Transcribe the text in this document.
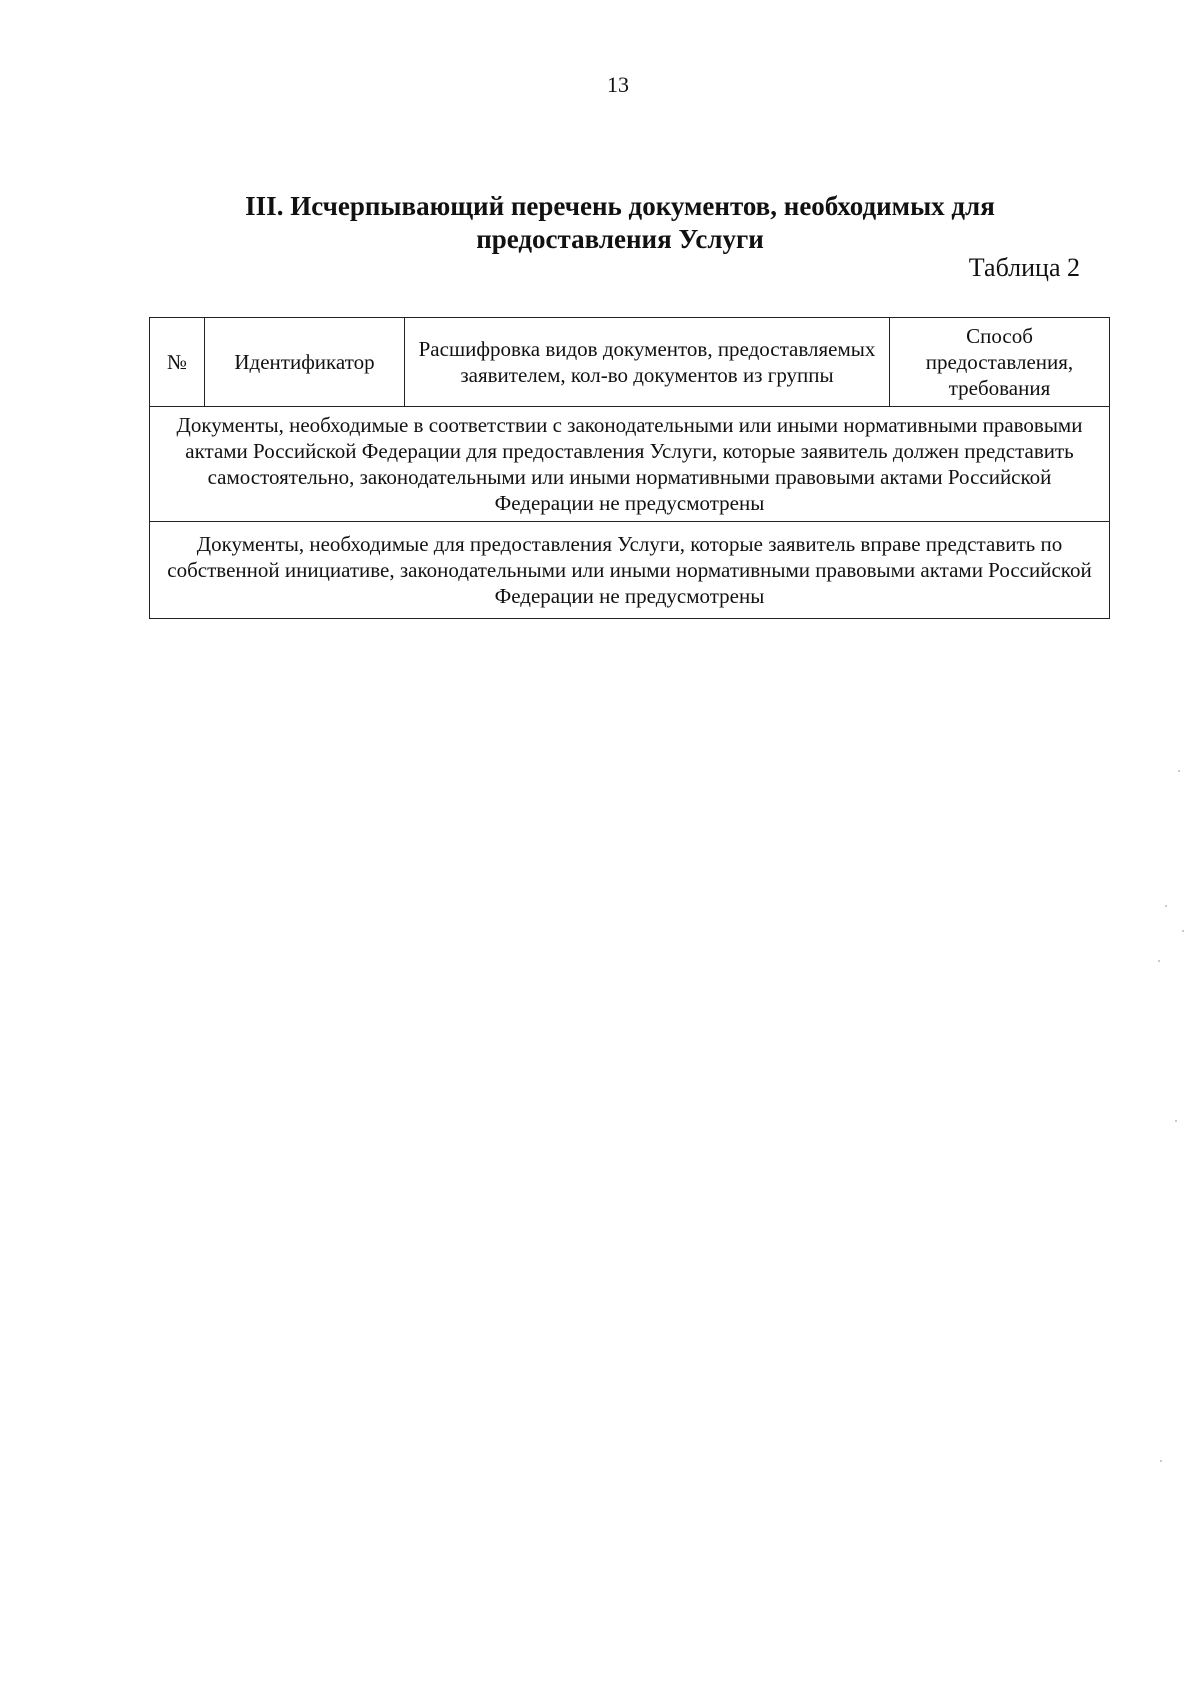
13
III. Исчерпывающий перечень документов, необходимых для предоставления Услуги
Таблица 2
№	Идентификатор	Расшифровка видов документов, предоставляемых заявителем, кол-во документов из группы	Способ предоставления, требования
Документы, необходимые в соответствии с законодательными или иными нормативными правовыми актами Российской Федерации для предоставления Услуги, которые заявитель должен представить самостоятельно, законодательными или иными нормативными правовыми актами Российской Федерации не предусмотрены
Документы, необходимые для предоставления Услуги, которые заявитель вправе представить по собственной инициативе, законодательными или иными нормативными правовыми актами Российской Федерации не предусмотрены
